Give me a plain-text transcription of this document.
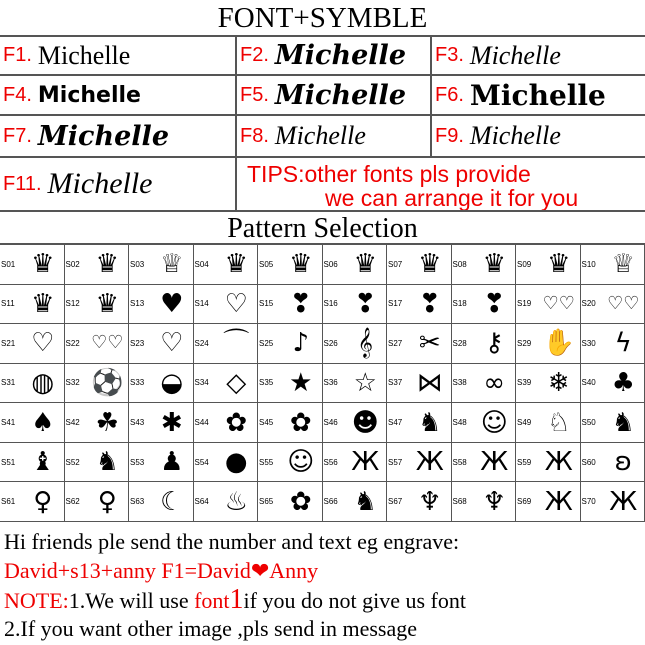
FONT+SYMBLE
F1. Michelle	F2. Michelle F3. Michelle
F4. Michelle	F5. Michelle F6. Michelle
F7. Michelle	F8. Michelle	F9. Michelle
F11. Michelle	TIPS:other fonts pls provide
we can arrange it for you
Pattern Selection
S01 ♛	S02 ♛	S03 ♕	S04 ♛	S05 ♛	S06 ♛	S07 ♛	S08 ♛	S09 ♛	S10 ♕
S11 ♛	S12 ♛	S13 ♥	S14 ♡	S15 ❣	S16 ❣	S17 ❣	S18 ❣	S19 ♡♡ S20 ♡♡
S21 ♡	S22 ♡♡ S23 ♡	S24 ⌒	S25 ♪	S26 𝄞	S27 ✂	S28 ⚷	S29 ✋ S30 ϟ
S31 ◍	S32 ⚽ S33 ◒	S34 ◇	S35 ★	S36 ☆	S37 ⋈	S38 ∞	S39 ❄	S40 ♣
S41 ♠	S42 ☘	S43 ✱	S44 ✿	S45 ✿	S46 ☻	S47 ♞	S48 ☺	S49 ♘	S50 ♞
S51 ♝	S52 ♞	S53 ♟	S54 ●	S55 ☺	S56 Ж	S57 Ж	S58 Ж	S59 Ж	S60 ʚ
S61 ♀	S62 ♀	S63 ☾	S64 ♨	S65 ✿	S66 ♞	S67 ♆	S68 ♆	S69 Ж	S70 Ж
Hi friends ple send the number and text eg engrave:
David+s13+anny F1=David❤Anny
NOTE:1.We will use font1if you do not give us font
2.If you want other image ,pls send in message
